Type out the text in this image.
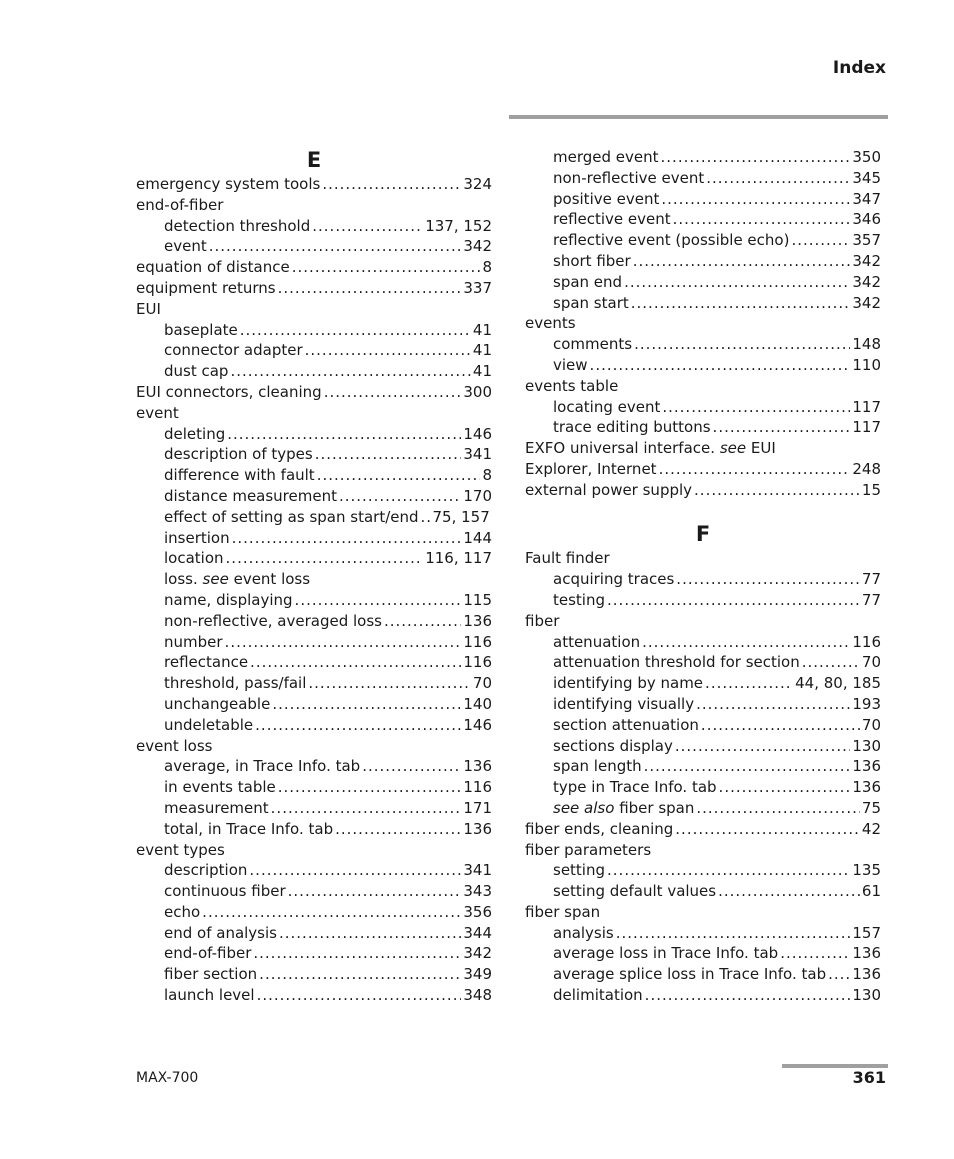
Index
E
emergency system tools .....	324
end-of-fiber
detection threshold .....	137, 152
event .....	342
equation of distance .....	8
equipment returns .....	337
EUI
baseplate .....	41
connector adapter .....	41
dust cap .....	41
EUI connectors, cleaning .....	300
event
deleting .....	146
description of types .....	341
difference with fault .....	8
distance measurement .....	170
effect of setting as span start/end ..... 75, 157
insertion .....	144
location .....	116, 117
loss. see event loss
name, displaying .....	115
non-reflective, averaged loss .....	136
number .....	116
reflectance .....	116
threshold, pass/fail .....	70
unchangeable .....	140
undeletable .....	146
event loss
average, in Trace Info. tab .....	136
in events table .....	116
measurement .....	171
total, in Trace Info. tab .....	136
event types
description .....	341
continuous fiber .....	343
echo .....	356
end of analysis .....	344
end-of-fiber .....	342
fiber section .....	349
launch level .....	348
merged event .....	350
non-reflective event .....	345
positive event .....	347
reflective event .....	346
reflective event (possible echo) .....	357
short fiber .....	342
span end .....	342
span start .....	342
events
comments .....	148
view .....	110
events table
locating event .....	117
trace editing buttons .....	117
EXFO universal interface. see EUI
Explorer, Internet .....	248
external power supply .....	15
F
Fault finder
acquiring traces .....	77
testing .....	77
fiber
attenuation .....	116
attenuation threshold for section .....	70
identifying by name .....	44, 80, 185
identifying visually .....	193
section attenuation .....	70
sections display .....	130
span length .....	136
type in Trace Info. tab .....	136
see also fiber span .....	75
fiber ends, cleaning .....	42
fiber parameters
setting .....	135
setting default values .....	61
fiber span
analysis .....	157
average loss in Trace Info. tab .....	136
average splice loss in Trace Info. tab ..... 136
delimitation .....	130
MAX-700	361
